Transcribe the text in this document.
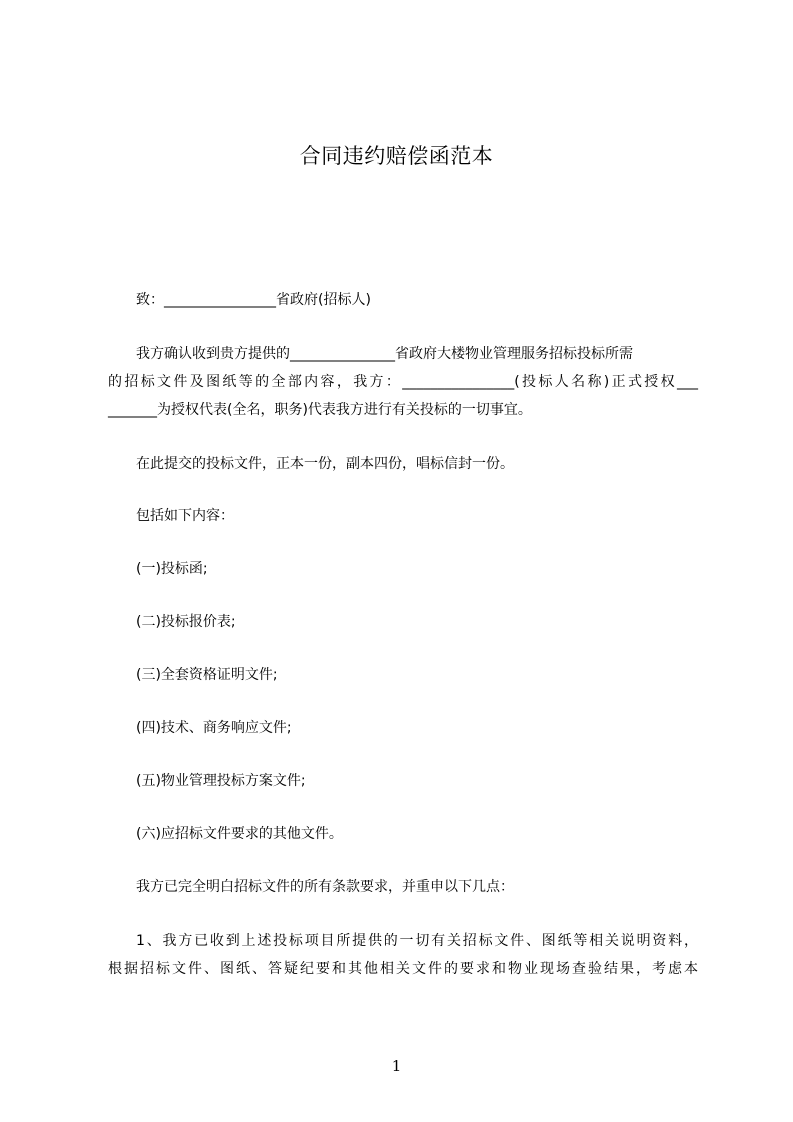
合同违约赔偿函范本
致：________________省政府(招标人)
我方确认收到贵方提供的_______________省政府大楼物业管理服务招标投标所需
的招标文件及图纸等的全部内容，我方：________________(投标人名称)正式授权___
_______为授权代表(全名，职务)代表我方进行有关投标的一切事宜。
在此提交的投标文件，正本一份，副本四份，唱标信封一份。
包括如下内容：
(一)投标函;
(二)投标报价表;
(三)全套资格证明文件;
(四)技术、商务响应文件;
(五)物业管理投标方案文件;
(六)应招标文件要求的其他文件。
我方已完全明白招标文件的所有条款要求，并重申以下几点：
1、我方已收到上述投标项目所提供的一切有关招标文件、图纸等相关说明资料，
根据招标文件、图纸、答疑纪要和其他相关文件的要求和物业现场查验结果，考虑本
1
